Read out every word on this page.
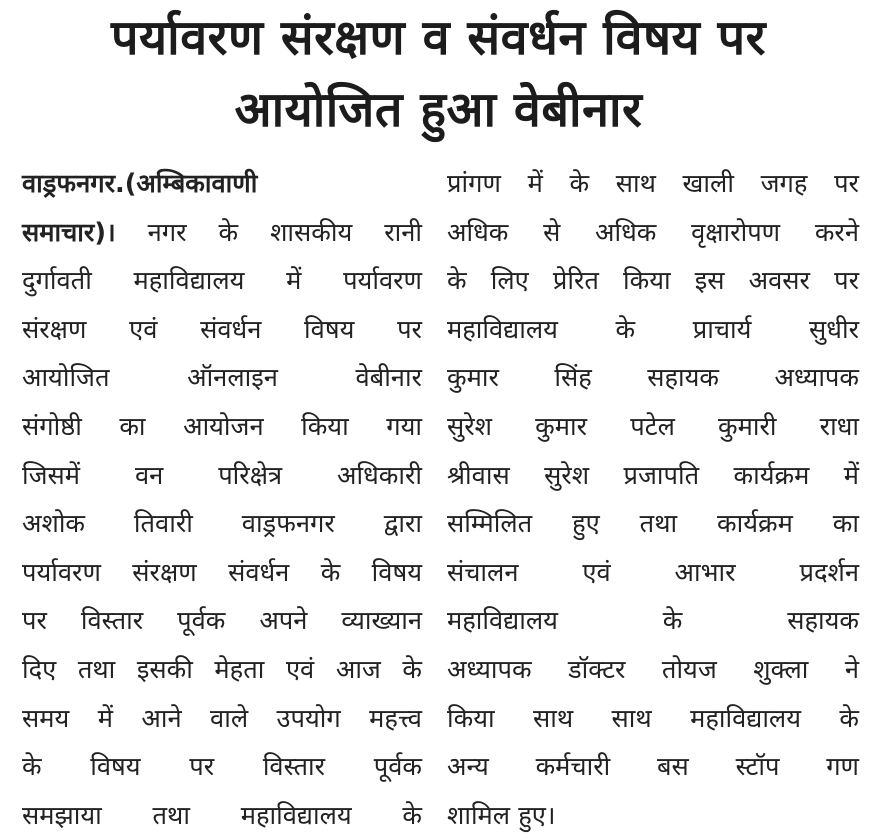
पर्यावरण संरक्षण व संवर्धन विषय पर
आयोजित हुआ वेबीनार
वाड्रफनगर.(अम्बिकावाणी
समाचार)। नगर के शासकीय रानी
दुर्गावती महाविद्यालय में पर्यावरण
संरक्षण एवं संवर्धन विषय पर
आयोजित ऑनलाइन वेबीनार
संगोष्ठी का आयोजन किया गया
जिसमें वन परिक्षेत्र अधिकारी
अशोक तिवारी वाड्रफनगर द्वारा
पर्यावरण संरक्षण संवर्धन के विषय
पर विस्तार पूर्वक अपने व्याख्यान
दिए तथा इसकी मेहता एवं आज के
समय में आने वाले उपयोग महत्त्व
के विषय पर विस्तार पूर्वक
समझाया तथा महाविद्यालय के
प्रांगण में के साथ खाली जगह पर
अधिक से अधिक वृक्षारोपण करने
के लिए प्रेरित किया इस अवसर पर
महाविद्यालय के प्राचार्य सुधीर
कुमार सिंह सहायक अध्यापक
सुरेश कुमार पटेल कुमारी राधा
श्रीवास सुरेश प्रजापति कार्यक्रम में
सम्मिलित हुए तथा कार्यक्रम का
संचालन एवं आभार प्रदर्शन
महाविद्यालय के सहायक
अध्यापक डॉक्टर तोयज शुक्ला ने
किया साथ साथ महाविद्यालय के
अन्य कर्मचारी बस स्टॉप गण
शामिल हुए।
